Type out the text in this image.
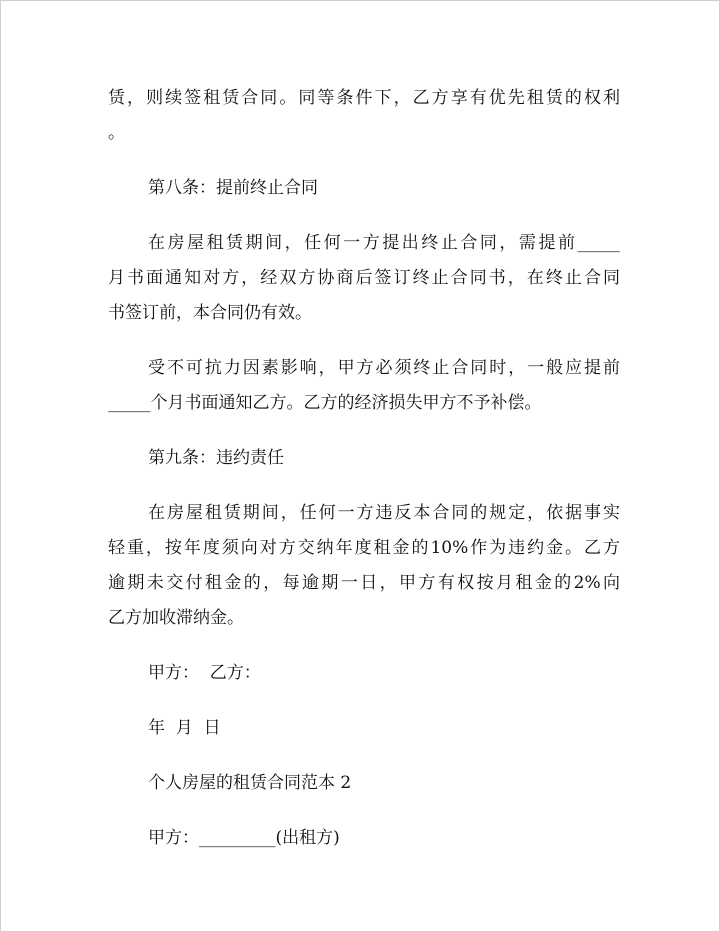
赁，则续签租赁合同。同等条件下，乙方享有优先租赁的权利
。
第八条：提前终止合同
在房屋租赁期间，任何一方提出终止合同，需提前_____
月书面通知对方，经双方协商后签订终止合同书，在终止合同
书签订前，本合同仍有效。
受不可抗力因素影响，甲方必须终止合同时，一般应提前
_____个月书面通知乙方。乙方的经济损失甲方不予补偿。
第九条：违约责任
在房屋租赁期间，任何一方违反本合同的规定，依据事实
轻重，按年度须向对方交纳年度租金的10%作为违约金。乙方
逾期未交付租金的，每逾期一日，甲方有权按月租金的2%向
乙方加收滞纳金。
甲方：  乙方：
年  月  日
个人房屋的租赁合同范本 2
甲方：_________(出租方)
